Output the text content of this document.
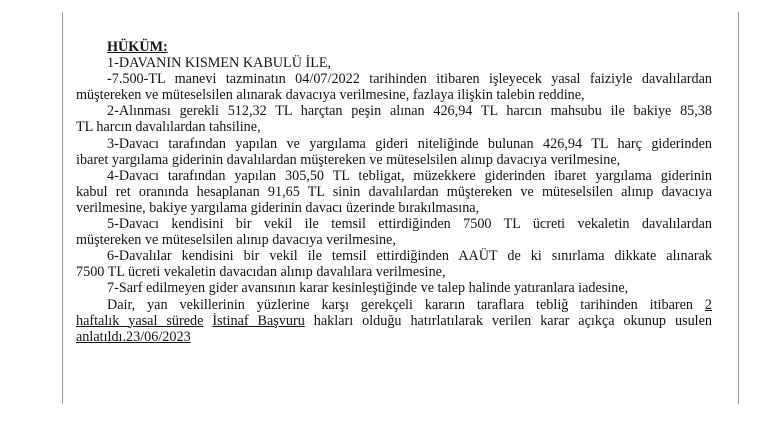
HÜKÜM:
1-DAVANIN KISMEN KABULÜ İLE,
-7.500-TL manevi tazminatın 04/07/2022 tarihinden itibaren işleyecek yasal faiziyle davalılardan
müştereken ve müteselsilen alınarak davacıya verilmesine, fazlaya ilişkin talebin reddine,
2-Alınması gerekli 512,32 TL harçtan peşin alınan 426,94 TL harcın mahsubu ile bakiye 85,38
TL harcın davalılardan tahsiline,
3-Davacı tarafından yapılan ve yargılama gideri niteliğinde bulunan 426,94 TL harç giderinden
ibaret yargılama giderinin davalılardan müştereken ve müteselsilen alınıp davacıya verilmesine,
4-Davacı tarafından yapılan 305,50 TL tebligat, müzekkere giderinden ibaret yargılama giderinin
kabul ret oranında hesaplanan 91,65 TL sinin davalılardan müştereken ve müteselsilen alınıp davacıya
verilmesine, bakiye yargılama giderinin davacı üzerinde bırakılmasına,
5-Davacı kendisini bir vekil ile temsil ettirdiğinden 7500 TL ücreti vekaletin davalılardan
müştereken ve müteselsilen alınıp davacıya verilmesine,
6-Davalılar kendisini bir vekil ile temsil ettirdiğinden AAÜT de ki sınırlama dikkate alınarak
7500 TL ücreti vekaletin davacıdan alınıp davalılara verilmesine,
7-Sarf edilmeyen gider avansının karar kesinleştiğinde ve talep halinde yatıranlara iadesine,
Dair, yan vekillerinin yüzlerine karşı gerekçeli kararın taraflara tebliğ tarihinden itibaren 2
haftalık yasal sürede İstinaf Başvuru hakları olduğu hatırlatılarak verilen karar açıkça okunup usulen
anlatıldı.23/06/2023
